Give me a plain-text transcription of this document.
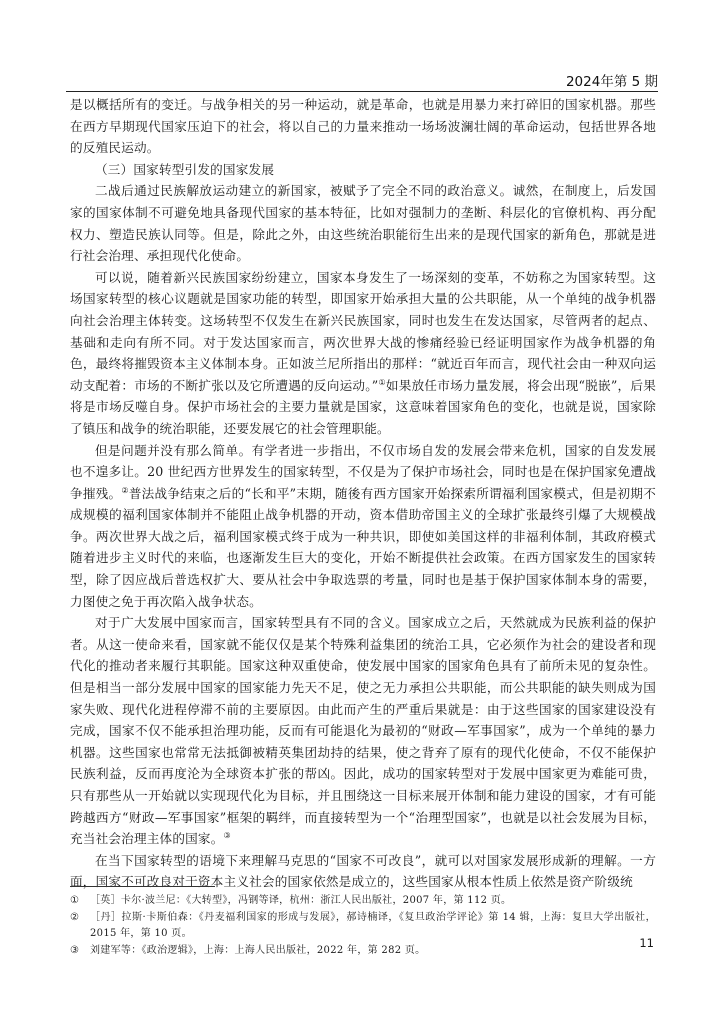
2024年第 5 期

是以概括所有的变迁。与战争相关的另一种运动，就是革命，也就是用暴力来打碎旧的国家机器。那些在西方早期现代国家压迫下的社会，将以自己的力量来推动一场场波澜壮阔的革命运动，包括世界各地的反殖民运动。

（三）国家转型引发的国家发展

二战后通过民族解放运动建立的新国家，被赋予了完全不同的政治意义。诚然，在制度上，后发国家的国家体制不可避免地具备现代国家的基本特征，比如对强制力的垄断、科层化的官僚机构、再分配权力、塑造民族认同等。但是，除此之外，由这些统治职能衍生出来的是现代国家的新角色，那就是进行社会治理、承担现代化使命。

可以说，随着新兴民族国家纷纷建立，国家本身发生了一场深刻的变革，不妨称之为国家转型。这场国家转型的核心议题就是国家功能的转型，即国家开始承担大量的公共职能，从一个单纯的战争机器向社会治理主体转变。这场转型不仅发生在新兴民族国家，同时也发生在发达国家，尽管两者的起点、基础和走向有所不同。对于发达国家而言，两次世界大战的惨痛经验已经证明国家作为战争机器的角色，最终将摧毁资本主义体制本身。正如波兰尼所指出的那样：“就近百年而言，现代社会由一种双向运动支配着：市场的不断扩张以及它所遭遇的反向运动。”①如果放任市场力量发展，将会出现“脱嵌”，后果将是市场反噬自身。保护市场社会的主要力量就是国家，这意味着国家角色的变化，也就是说，国家除了镇压和战争的统治职能，还要发展它的社会管理职能。

但是问题并没有那么简单。有学者进一步指出，不仅市场自发的发展会带来危机，国家的自发发展也不遑多让。20 世纪西方世界发生的国家转型，不仅是为了保护市场社会，同时也是在保护国家免遭战争摧残。②普法战争结束之后的“长和平”末期，随後有西方国家开始探索所谓福利国家模式，但是初期不成规模的福利国家体制并不能阻止战争机器的开动，资本借助帝国主义的全球扩张最终引爆了大规模战争。两次世界大战之后，福利国家模式终于成为一种共识，即使如美国这样的非福利体制，其政府模式随着进步主义时代的来临，也逐渐发生巨大的变化，开始不断提供社会政策。在西方国家发生的国家转型，除了因应战后普选权扩大、要从社会中争取选票的考量，同时也是基于保护国家体制本身的需要，力图使之免于再次陷入战争状态。

对于广大发展中国家而言，国家转型具有不同的含义。国家成立之后，天然就成为民族利益的保护者。从这一使命来看，国家就不能仅仅是某个特殊利益集团的统治工具，它必须作为社会的建设者和现代化的推动者来履行其职能。国家这种双重使命，使发展中国家的国家角色具有了前所未见的复杂性。但是相当一部分发展中国家的国家能力先天不足，使之无力承担公共职能，而公共职能的缺失则成为国家失败、现代化进程停滞不前的主要原因。由此而产生的严重后果就是：由于这些国家的国家建设没有完成，国家不仅不能承担治理功能，反而有可能退化为最初的“财政—军事国家”，成为一个单纯的暴力机器。这些国家也常常无法抵御被精英集团劫持的结果，使之背弃了原有的现代化使命，不仅不能保护民族利益，反而再度沦为全球资本扩张的帮凶。因此，成功的国家转型对于发展中国家更为难能可贵，只有那些从一开始就以实现现代化为目标，并且围绕这一目标来展开体制和能力建设的国家，才有可能跨越西方“财政—军事国家”框架的羁绊，而直接转型为一个“治理型国家”，也就是以社会发展为目标，充当社会治理主体的国家。③

在当下国家转型的语境下来理解马克思的“国家不可改良”，就可以对国家发展形成新的理解。一方面，国家不可改良对于资本主义社会的国家依然是成立的，这些国家从根本性质上依然是资产阶级统

①	［英］卡尔·波兰尼：《大转型》，冯钢等译，杭州：浙江人民出版社，2007 年，第 112 页。
②	［丹］拉斯·卡斯伯森：《丹麦福利国家的形成与发展》，郝诗楠译，《复旦政治学评论》第 14 辑，上海：复旦大学出版社，2015 年，第 10 页。
③	刘建军等：《政治逻辑》，上海：上海人民出版社，2022 年，第 282 页。	11
